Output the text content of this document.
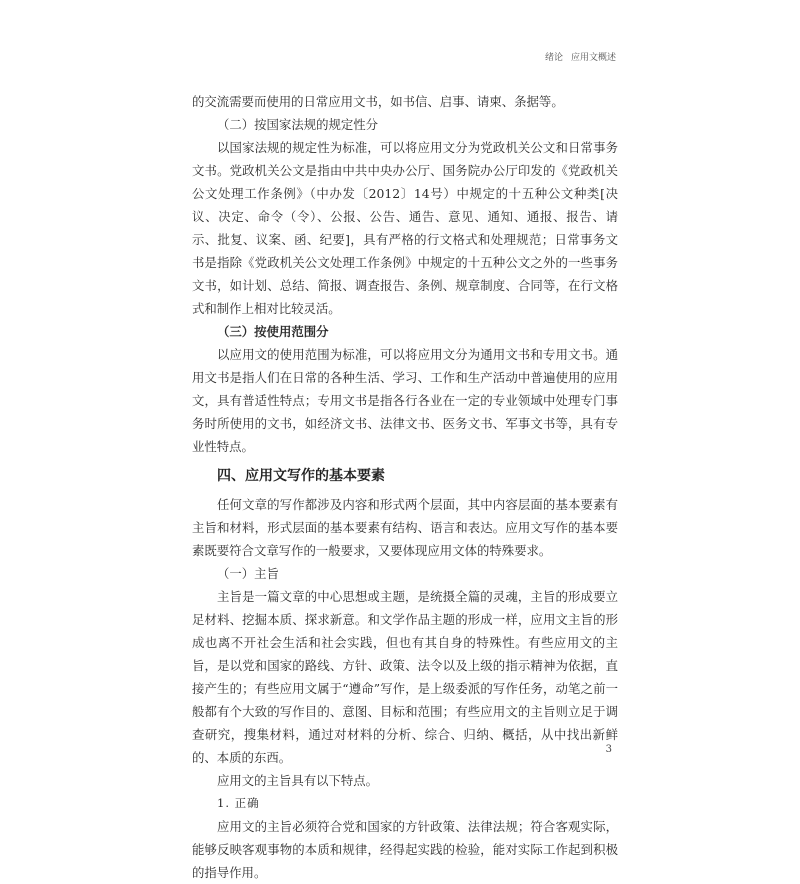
绪论 应用文概述

的交流需要而使用的日常应用文书，如书信、启事、请柬、条据等。

（二）按国家法规的规定性分

以国家法规的规定性为标准，可以将应用文分为党政机关公文和日常事务文书。党政机关公文是指由中共中央办公厅、国务院办公厅印发的《党政机关公文处理工作条例》（中办发〔2012〕14号）中规定的十五种公文种类[决议、决定、命令（令）、公报、公告、通告、意见、通知、通报、报告、请示、批复、议案、函、纪要]，具有严格的行文格式和处理规范；日常事务文书是指除《党政机关公文处理工作条例》中规定的十五种公文之外的一些事务文书，如计划、总结、简报、调查报告、条例、规章制度、合同等，在行文格式和制作上相对比较灵活。

（三）按使用范围分

以应用文的使用范围为标准，可以将应用文分为通用文书和专用文书。通用文书是指人们在日常的各种生活、学习、工作和生产活动中普遍使用的应用文，具有普适性特点；专用文书是指各行各业在一定的专业领域中处理专门事务时所使用的文书，如经济文书、法律文书、医务文书、军事文书等，具有专业性特点。

四、应用文写作的基本要素

任何文章的写作都涉及内容和形式两个层面，其中内容层面的基本要素有主旨和材料，形式层面的基本要素有结构、语言和表达。应用文写作的基本要素既要符合文章写作的一般要求，又要体现应用文体的特殊要求。

（一）主旨

主旨是一篇文章的中心思想或主题，是统摄全篇的灵魂，主旨的形成要立足材料、挖掘本质、探求新意。和文学作品主题的形成一样，应用文主旨的形成也离不开社会生活和社会实践，但也有其自身的特殊性。有些应用文的主旨，是以党和国家的路线、方针、政策、法令以及上级的指示精神为依据，直接产生的；有些应用文属于“遵命”写作，是上级委派的写作任务，动笔之前一般都有个大致的写作目的、意图、目标和范围；有些应用文的主旨则立足于调查研究，搜集材料，通过对材料的分析、综合、归纳、概括，从中找出新鲜的、本质的东西。

应用文的主旨具有以下特点。

1. 正确

应用文的主旨必须符合党和国家的方针政策、法律法规；符合客观实际，能够反映客观事物的本质和规律，经得起实践的检验，能对实际工作起到积极的指导作用。

3
